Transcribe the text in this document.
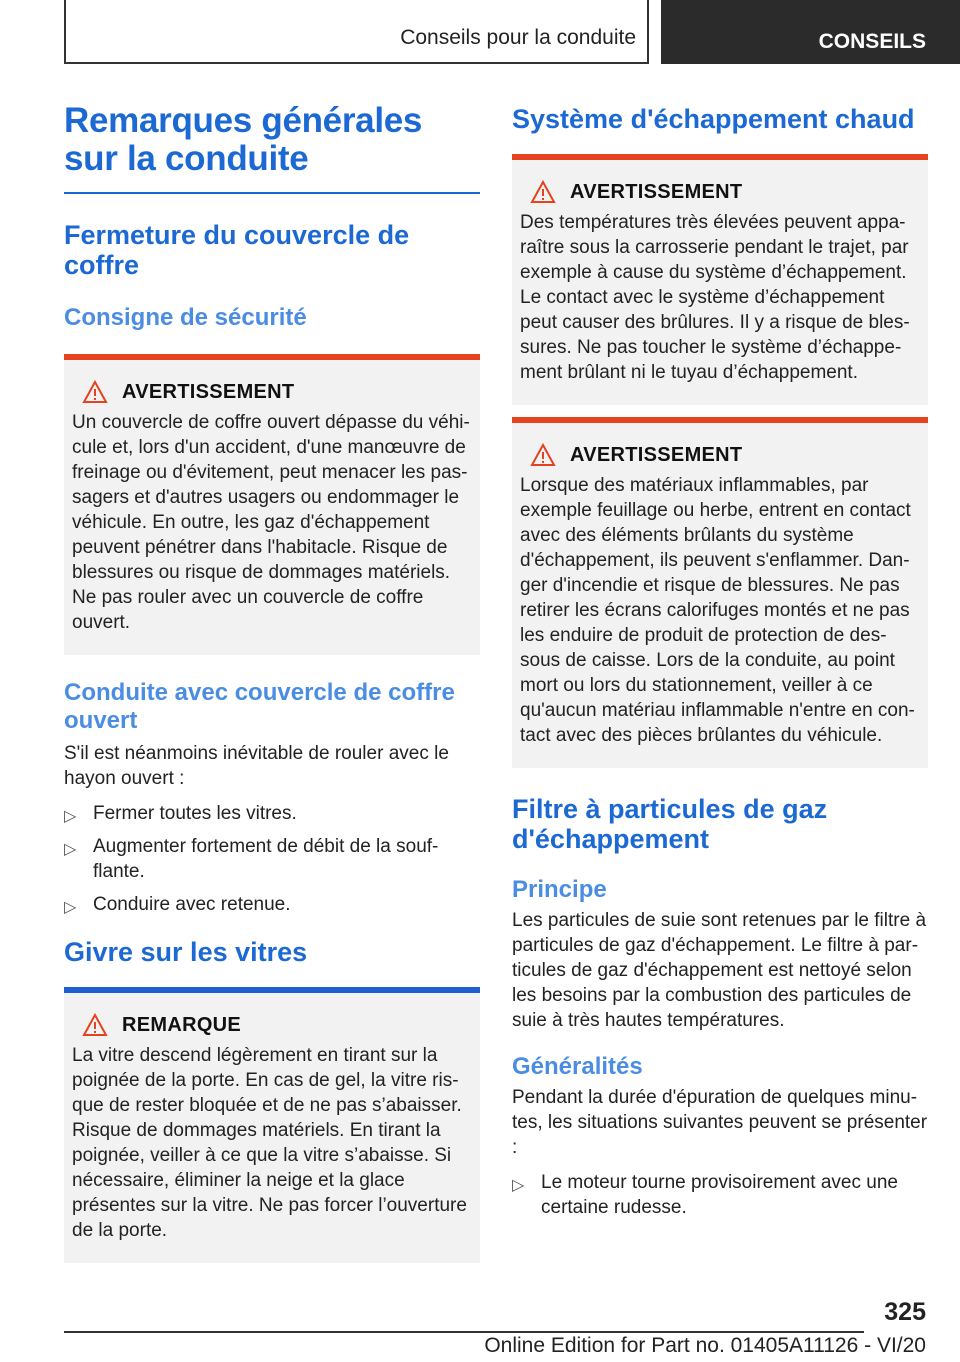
Conseils pour la conduite	CONSEILS
Remarques générales sur la conduite
Fermeture du couvercle de coffre
Consigne de sécurité
AVERTISSEMENT

Un couvercle de coffre ouvert dépasse du véhicule et, lors d'un accident, d'une manœuvre de freinage ou d'évitement, peut menacer les passagers et d'autres usagers ou endommager le véhicule. En outre, les gaz d'échappement peuvent pénétrer dans l'habitacle. Risque de blessures ou risque de dommages matériels. Ne pas rouler avec un couvercle de coffre ouvert.

Conduite avec couvercle de coffre ouvert

S'il est néanmoins inévitable de rouler avec le hayon ouvert :

▷ Fermer toutes les vitres.
▷ Augmenter fortement de débit de la soufflante.
▷ Conduire avec retenue.
Givre sur les vitres
REMARQUE

La vitre descend légèrement en tirant sur la poignée de la porte. En cas de gel, la vitre risque de rester bloquée et de ne pas s’abaisser. Risque de dommages matériels. En tirant la poignée, veiller à ce que la vitre s’abaisse. Si nécessaire, éliminer la neige et la glace présentes sur la vitre. Ne pas forcer l’ouverture de la porte.

Système d'échappement chaud
AVERTISSEMENT

Des températures très élevées peuvent apparaître sous la carrosserie pendant le trajet, par exemple à cause du système d’échappement. Le contact avec le système d’échappement peut causer des brûlures. Il y a risque de blessures. Ne pas toucher le système d’échappement brûlant ni le tuyau d’échappement.

AVERTISSEMENT

Lorsque des matériaux inflammables, par exemple feuillage ou herbe, entrent en contact avec des éléments brûlants du système d'échappement, ils peuvent s'enflammer. Danger d'incendie et risque de blessures. Ne pas retirer les écrans calorifuges montés et ne pas les enduire de produit de protection de dessous de caisse. Lors de la conduite, au point mort ou lors du stationnement, veiller à ce qu'aucun matériau inflammable n'entre en contact avec des pièces brûlantes du véhicule.

Filtre à particules de gaz d'échappement
Principe

Les particules de suie sont retenues par le filtre à particules de gaz d'échappement. Le filtre à particules de gaz d'échappement est nettoyé selon les besoins par la combustion des particules de suie à très hautes températures.

Généralités

Pendant la durée d'épuration de quelques minutes, les situations suivantes peuvent se présenter :

▷ Le moteur tourne provisoirement avec une certaine rudesse.
325
Online Edition for Part no. 01405A11126 - VI/20
